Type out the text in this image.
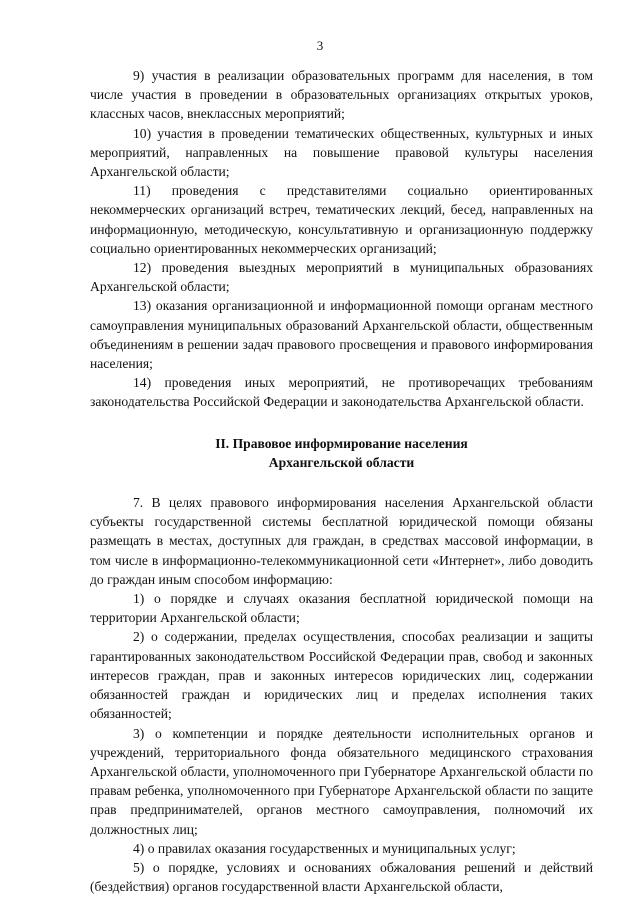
3

9) участия в реализации образовательных программ для населения, в том числе участия в проведении в образовательных организациях открытых уроков, классных часов, внеклассных мероприятий;

10) участия в проведении тематических общественных, культурных и иных мероприятий, направленных на повышение правовой культуры населения Архангельской области;

11) проведения с представителями социально ориентированных некоммерческих организаций встреч, тематических лекций, бесед, направленных на информационную, методическую, консультативную и организационную поддержку социально ориентированных некоммерческих организаций;

12) проведения выездных мероприятий в муниципальных образованиях Архангельской области;

13) оказания организационной и информационной помощи органам местного самоуправления муниципальных образований Архангельской области, общественным объединениям в решении задач правового просвещения и правового информирования населения;

14) проведения иных мероприятий, не противоречащих требованиям законодательства Российской Федерации и законодательства Архангельской области.

II. Правовое информирование населения

Архангельской области

7. В целях правового информирования населения Архангельской области субъекты государственной системы бесплатной юридической помощи обязаны размещать в местах, доступных для граждан, в средствах массовой информации, в том числе в информационно-телекоммуникационной сети «Интернет», либо доводить до граждан иным способом информацию:

1) о порядке и случаях оказания бесплатной юридической помощи на территории Архангельской области;

2) о содержании, пределах осуществления, способах реализации и защиты гарантированных законодательством Российской Федерации прав, свобод и законных интересов граждан, прав и законных интересов юридических лиц, содержании обязанностей граждан и юридических лиц и пределах исполнения таких обязанностей;

3) о компетенции и порядке деятельности исполнительных органов и учреждений, территориального фонда обязательного медицинского страхования Архангельской области, уполномоченного при Губернаторе Архангельской области по правам ребенка, уполномоченного при Губернаторе Архангельской области по защите прав предпринимателей, органов местного самоуправления, полномочий их должностных лиц;

4) о правилах оказания государственных и муниципальных услуг;

5) о порядке, условиях и основаниях обжалования решений и действий (бездействия) органов государственной власти Архангельской области,
